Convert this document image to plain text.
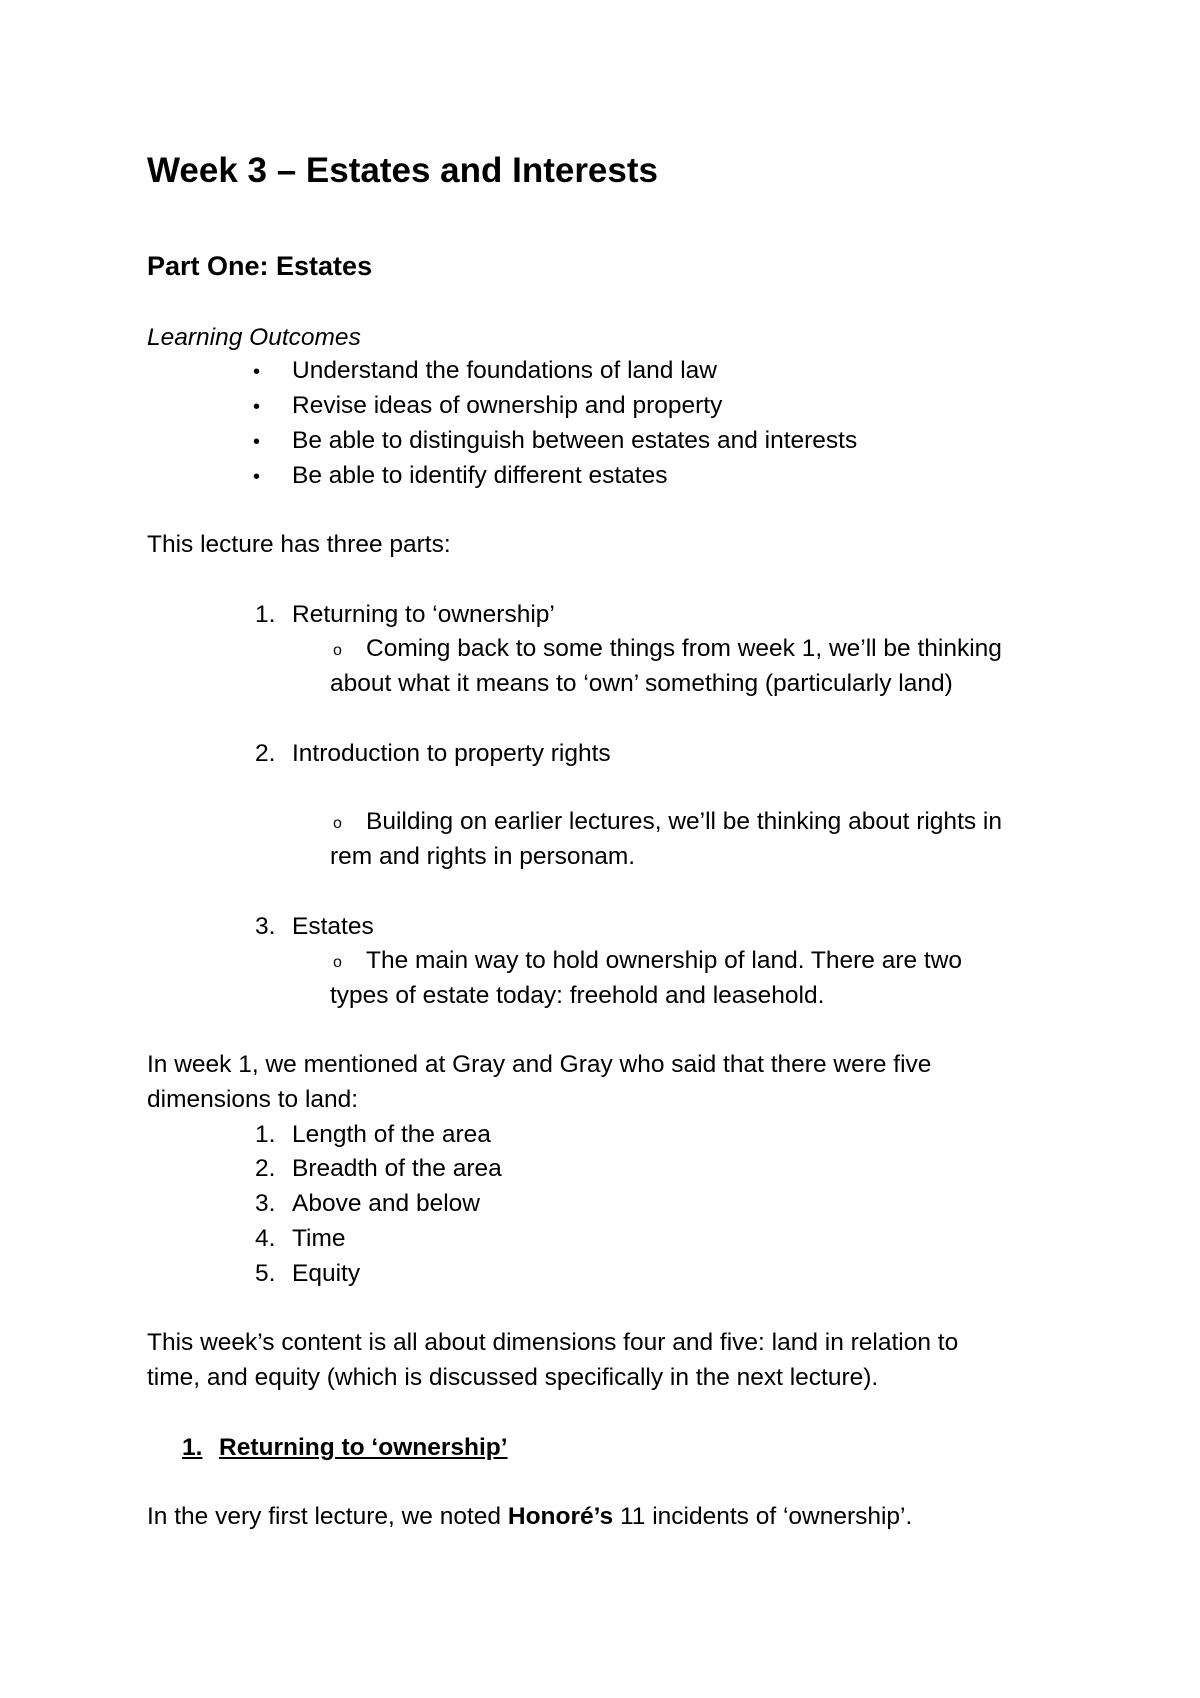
Week 3 – Estates and Interests
Part One: Estates
Learning Outcomes
• Understand the foundations of land law
• Revise ideas of ownership and property
• Be able to distinguish between estates and interests
• Be able to identify different estates
This lecture has three parts:
1. Returning to ‘ownership’
o Coming back to some things from week 1, we’ll be thinking
about what it means to ‘own’ something (particularly land)
2. Introduction to property rights
o Building on earlier lectures, we’ll be thinking about rights in
rem and rights in personam.
3. Estates
o The main way to hold ownership of land. There are two
types of estate today: freehold and leasehold.
In week 1, we mentioned at Gray and Gray who said that there were five
dimensions to land:
1. Length of the area
2. Breadth of the area
3. Above and below
4. Time
5. Equity
This week’s content is all about dimensions four and five: land in relation to
time, and equity (which is discussed specifically in the next lecture).
1. Returning to ‘ownership’
In the very first lecture, we noted Honoré’s 11 incidents of ‘ownership’.
